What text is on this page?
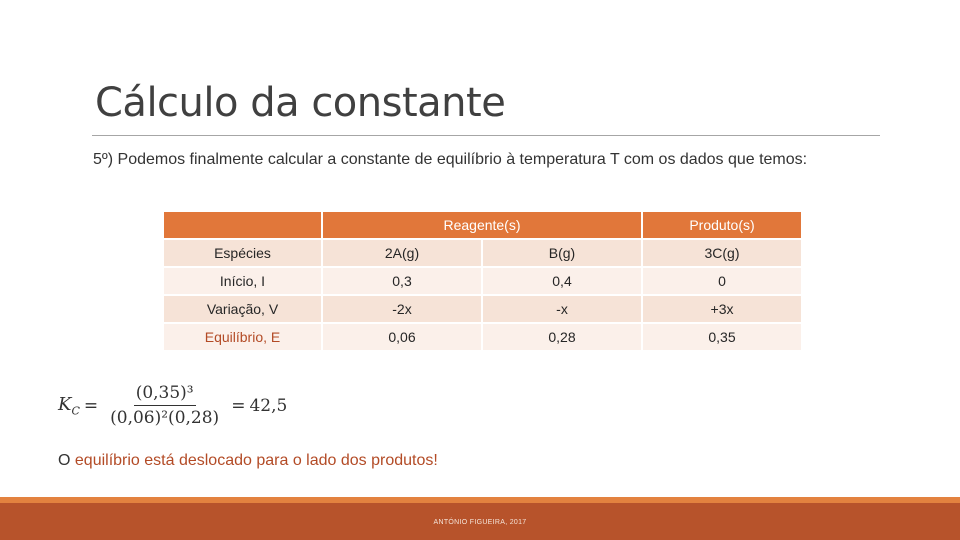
Cálculo da constante
5º) Podemos finalmente calcular a constante de equilíbrio à temperatura T com os dados que temos:
	Reagente(s)		Produto(s)
Espécies	2A(g)	B(g)	3C(g)
Início, I	0,3	0,4	0
Variação, V	-2x	-x	+3x
Equilíbrio, E	0,06	0,28	0,35
$K_C = \frac{\text{(0,35)³}}{\text{(0,06)²(0,28)}} = 42,5$
O equilíbrio está deslocado para o lado dos produtos!
ANTÓNIO FIGUEIRA, 2017
